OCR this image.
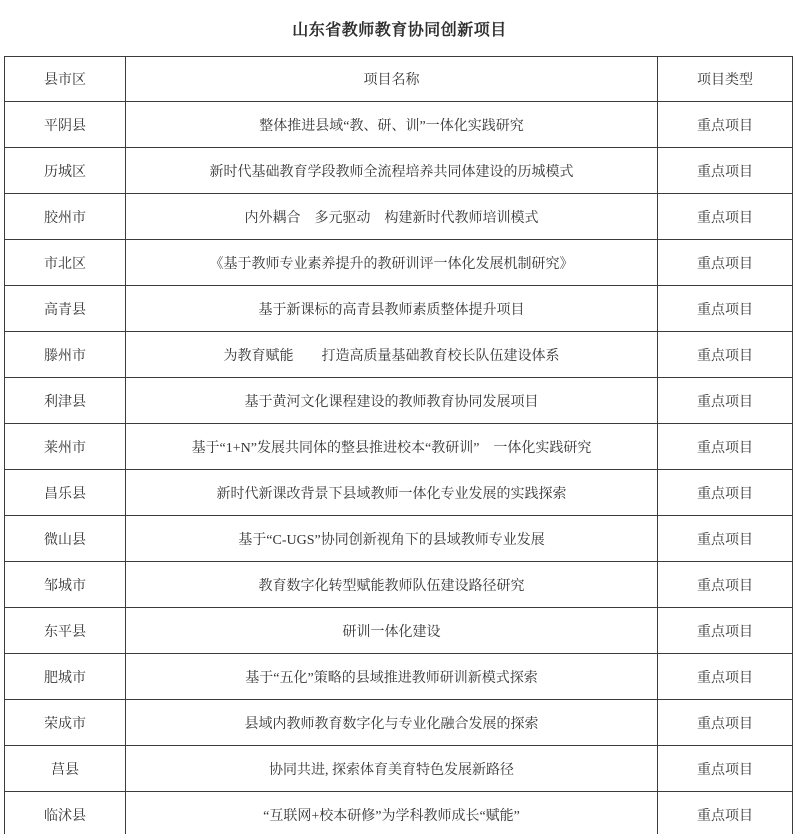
山东省教师教育协同创新项目
县市区	项目名称	项目类型
平阴县	整体推进县域“教、研、训”一体化实践研究	重点项目
历城区	新时代基础教育学段教师全流程培养共同体建设的历城模式	重点项目
胶州市	内外耦合　多元驱动　构建新时代教师培训模式	重点项目
市北区	《基于教师专业素养提升的教研训评一体化发展机制研究》	重点项目
高青县	基于新课标的高青县教师素质整体提升项目	重点项目
滕州市	为教育赋能　　打造高质量基础教育校长队伍建设体系	重点项目
利津县	基于黄河文化课程建设的教师教育协同发展项目	重点项目
莱州市	基于“1+N”发展共同体的整县推进校本“教研训”　一体化实践研究	重点项目
昌乐县	新时代新课改背景下县域教师一体化专业发展的实践探索	重点项目
微山县	基于“C-UGS”协同创新视角下的县域教师专业发展	重点项目
邹城市	教育数字化转型赋能教师队伍建设路径研究	重点项目
东平县	研训一体化建设	重点项目
肥城市	基于“五化”策略的县域推进教师研训新模式探索	重点项目
荣成市	县域内教师教育数字化与专业化融合发展的探索	重点项目
莒县	协同共进, 探索体育美育特色发展新路径	重点项目
临沭县	“互联网+校本研修”为学科教师成长“赋能”	重点项目
